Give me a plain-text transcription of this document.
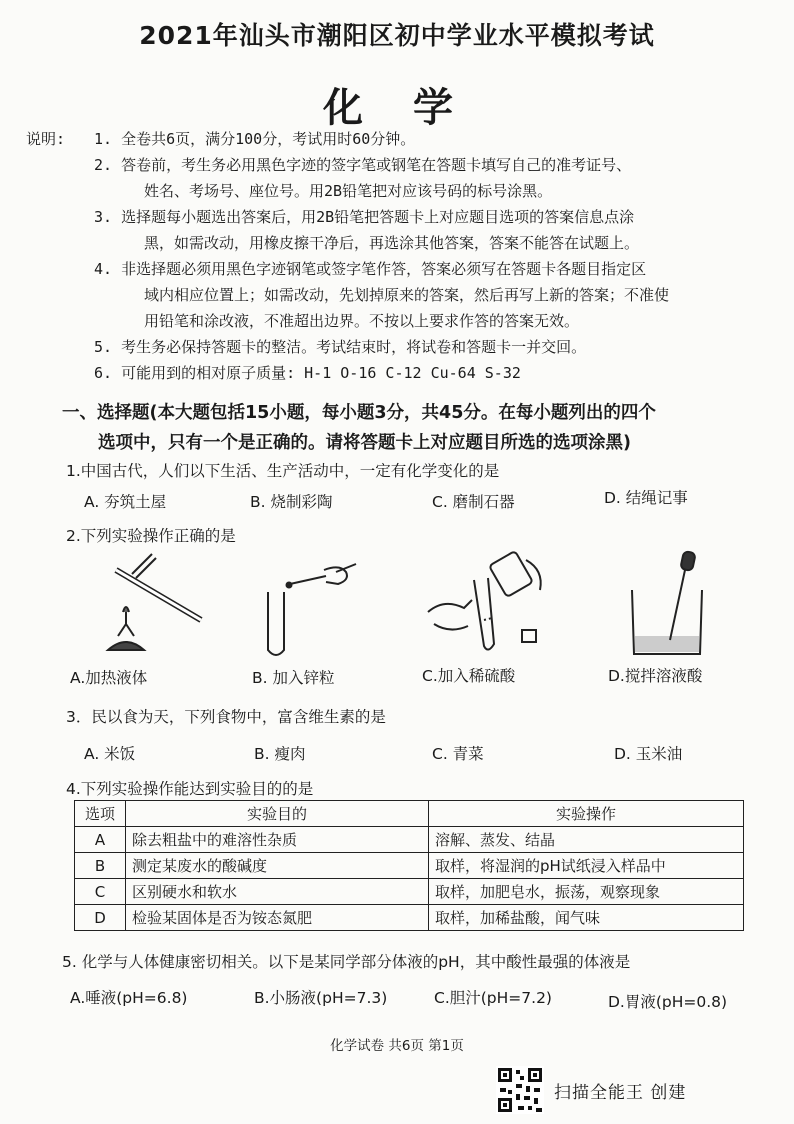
2021年汕头市潮阳区初中学业水平模拟考试
化 学
说明:	1. 全卷共6页，满分100分，考试用时60分钟。
2. 答卷前，考生务必用黑色字迹的签字笔或钢笔在答题卡填写自己的准考证号、
姓名、考场号、座位号。用2B铅笔把对应该号码的标号涂黑。
3. 选择题每小题选出答案后，用2B铅笔把答题卡上对应题目选项的答案信息点涂
黑，如需改动，用橡皮擦干净后，再选涂其他答案，答案不能答在试题上。
4. 非选择题必须用黑色字迹钢笔或签字笔作答，答案必须写在答题卡各题目指定区
域内相应位置上；如需改动，先划掉原来的答案，然后再写上新的答案；不准使
用铅笔和涂改液，不准超出边界。不按以上要求作答的答案无效。
5. 考生务必保持答题卡的整洁。考试结束时，将试卷和答题卡一并交回。
6. 可能用到的相对原子质量: H-1 O-16 C-12 Cu-64 S-32
一、选择题(本大题包括15小题，每小题3分，共45分。在每小题列出的四个
选项中，只有一个是正确的。请将答题卡上对应题目所选的选项涂黑)
1.中国古代，人们以下生活、生产活动中，一定有化学变化的是
A. 夯筑土屋	B. 烧制彩陶	C. 磨制石器	D. 结绳记事
2.下列实验操作正确的是
A.加热液体	B. 加入锌粒	C.加入稀硫酸	D.搅拌溶液酸
3．民以食为天，下列食物中，富含维生素的是
A. 米饭	B. 瘦肉	C. 青菜	D. 玉米油
4.下列实验操作能达到实验目的的是
选项	实验目的	实验操作
A	除去粗盐中的难溶性杂质	溶解、蒸发、结晶
B	测定某废水的酸碱度	取样，将湿润的pH试纸浸入样品中
C	区别硬水和软水	取样，加肥皂水，振荡，观察现象
D	检验某固体是否为铵态氮肥	取样，加稀盐酸，闻气味
5. 化学与人体健康密切相关。以下是某同学部分体液的pH，其中酸性最强的体液是
A.唾液(pH=6.8)	B.小肠液(pH=7.3)	C.胆汁(pH=7.2)	D.胃液(pH=0.8)
化学试卷 共6页 第1页
扫描全能王 创建
